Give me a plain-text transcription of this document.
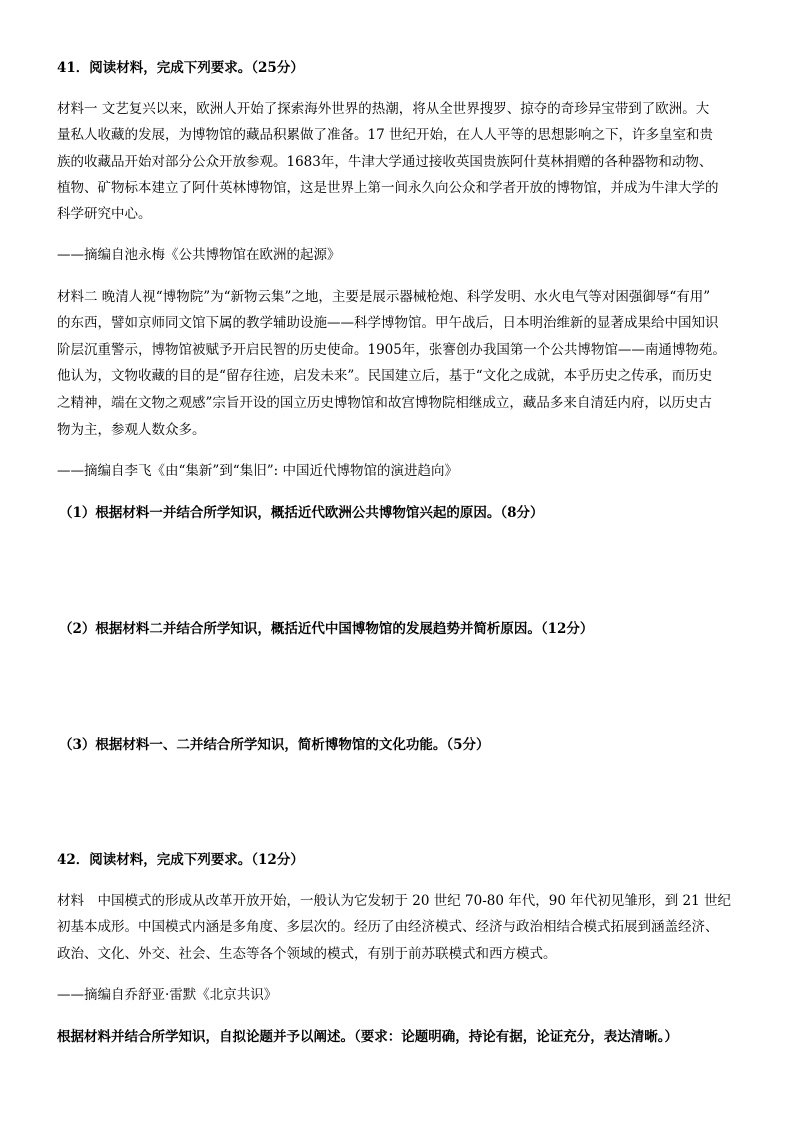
41．阅读材料，完成下列要求。（25分）
材料一 文艺复兴以来，欧洲人开始了探索海外世界的热潮，将从全世界搜罗、掠夺的奇珍异宝带到了欧洲。大
量私人收藏的发展，为博物馆的藏品积累做了准备。17 世纪开始，在人人平等的思想影响之下，许多皇室和贵
族的收藏品开始对部分公众开放参观。1683年，牛津大学通过接收英国贵族阿什莫林捐赠的各种器物和动物、
植物、矿物标本建立了阿什英林博物馆，这是世界上第一间永久向公众和学者开放的博物馆，并成为牛津大学的
科学研究中心。
——摘编自池永梅《公共博物馆在欧洲的起源》
材料二 晚清人视“博物院”为“新物云集”之地，主要是展示器械枪炮、科学发明、水火电气等对困强御辱“有用”
的东西，譬如京师同文馆下属的教学辅助设施——科学博物馆。甲午战后，日本明治维新的显著成果给中国知识
阶层沉重警示，博物馆被赋予开启民智的历史使命。1905年，张謇创办我国第一个公共博物馆——南通博物苑。
他认为，文物收藏的目的是“留存往迹，启发未来”。民国建立后，基于“文化之成就，本乎历史之传承，而历史
之精神，端在文物之观感”宗旨开设的国立历史博物馆和故宫博物院相继成立，藏品多来自清廷内府，以历史古
物为主，参观人数众多。
——摘编自李飞《由“集新”到“集旧”: 中国近代博物馆的演进趋向》
（1）根据材料一并结合所学知识，概括近代欧洲公共博物馆兴起的原因。（8分）
（2）根据材料二并结合所学知识，概括近代中国博物馆的发展趋势并简析原因。（12分）
（3）根据材料一、二并结合所学知识，简析博物馆的文化功能。（5分）
42．阅读材料，完成下列要求。（12分）
材料　中国模式的形成从改革开放开始，一般认为它发轫于 20 世纪 70-80 年代，90 年代初见雏形，到 21 世纪
初基本成形。中国模式内涵是多角度、多层次的。经历了由经济模式、经济与政治相结合模式拓展到涵盖经济、
政治、文化、外交、社会、生态等各个领域的模式，有别于前苏联模式和西方模式。
——摘编自乔舒亚·雷默《北京共识》
根据材料并结合所学知识，自拟论题并予以阐述。（要求：论题明确，持论有据，论证充分，表达清晰。）
